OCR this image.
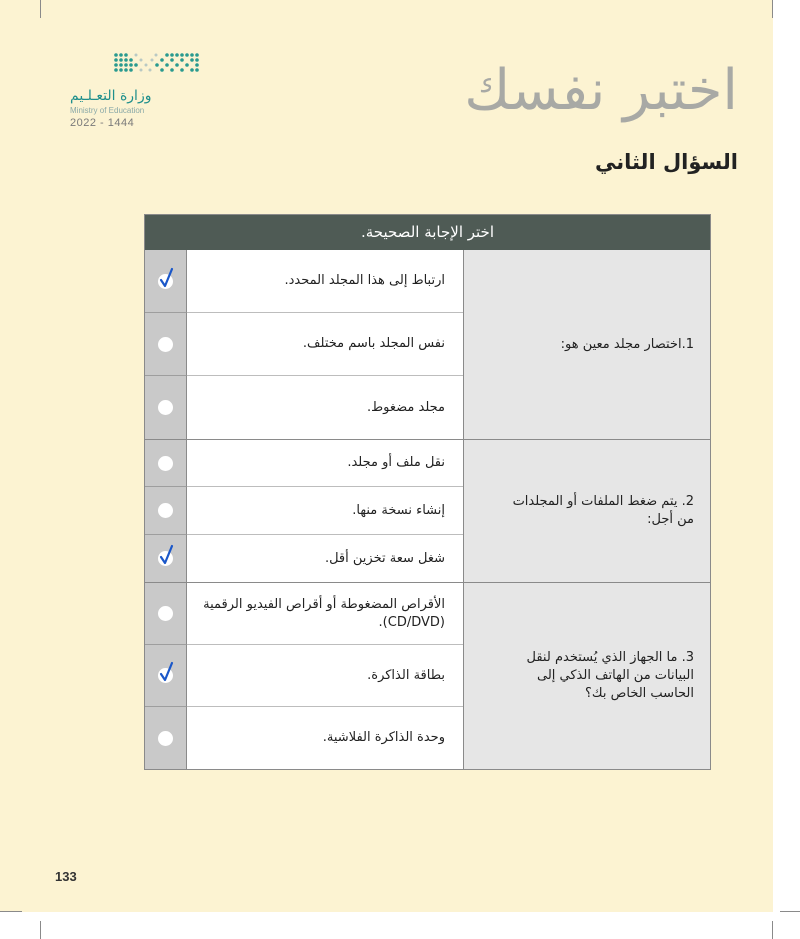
وزارة التعـلـيم
Ministry of Education
2022 - 1444	اختبر نفسك
السؤال الثاني
اختر الإجابة الصحيحة.
1.اختصار مجلد معين هو:
ارتباط إلى هذا المجلد المحدد.
نفس المجلد باسم مختلف.
مجلد مضغوط.
2. يتم ضغط الملفات أو المجلدات من أجل:
نقل ملف أو مجلد.
إنشاء نسخة منها.
شغل سعة تخزين أقل.
3. ما الجهاز الذي يُستخدم لنقل البيانات من الهاتف الذكي إلى الحاسب الخاص بك؟
الأقراص المضغوطة أو أقراص الفيديو الرقمية (CD/DVD).
بطاقة الذاكرة.
وحدة الذاكرة الفلاشية.
133
